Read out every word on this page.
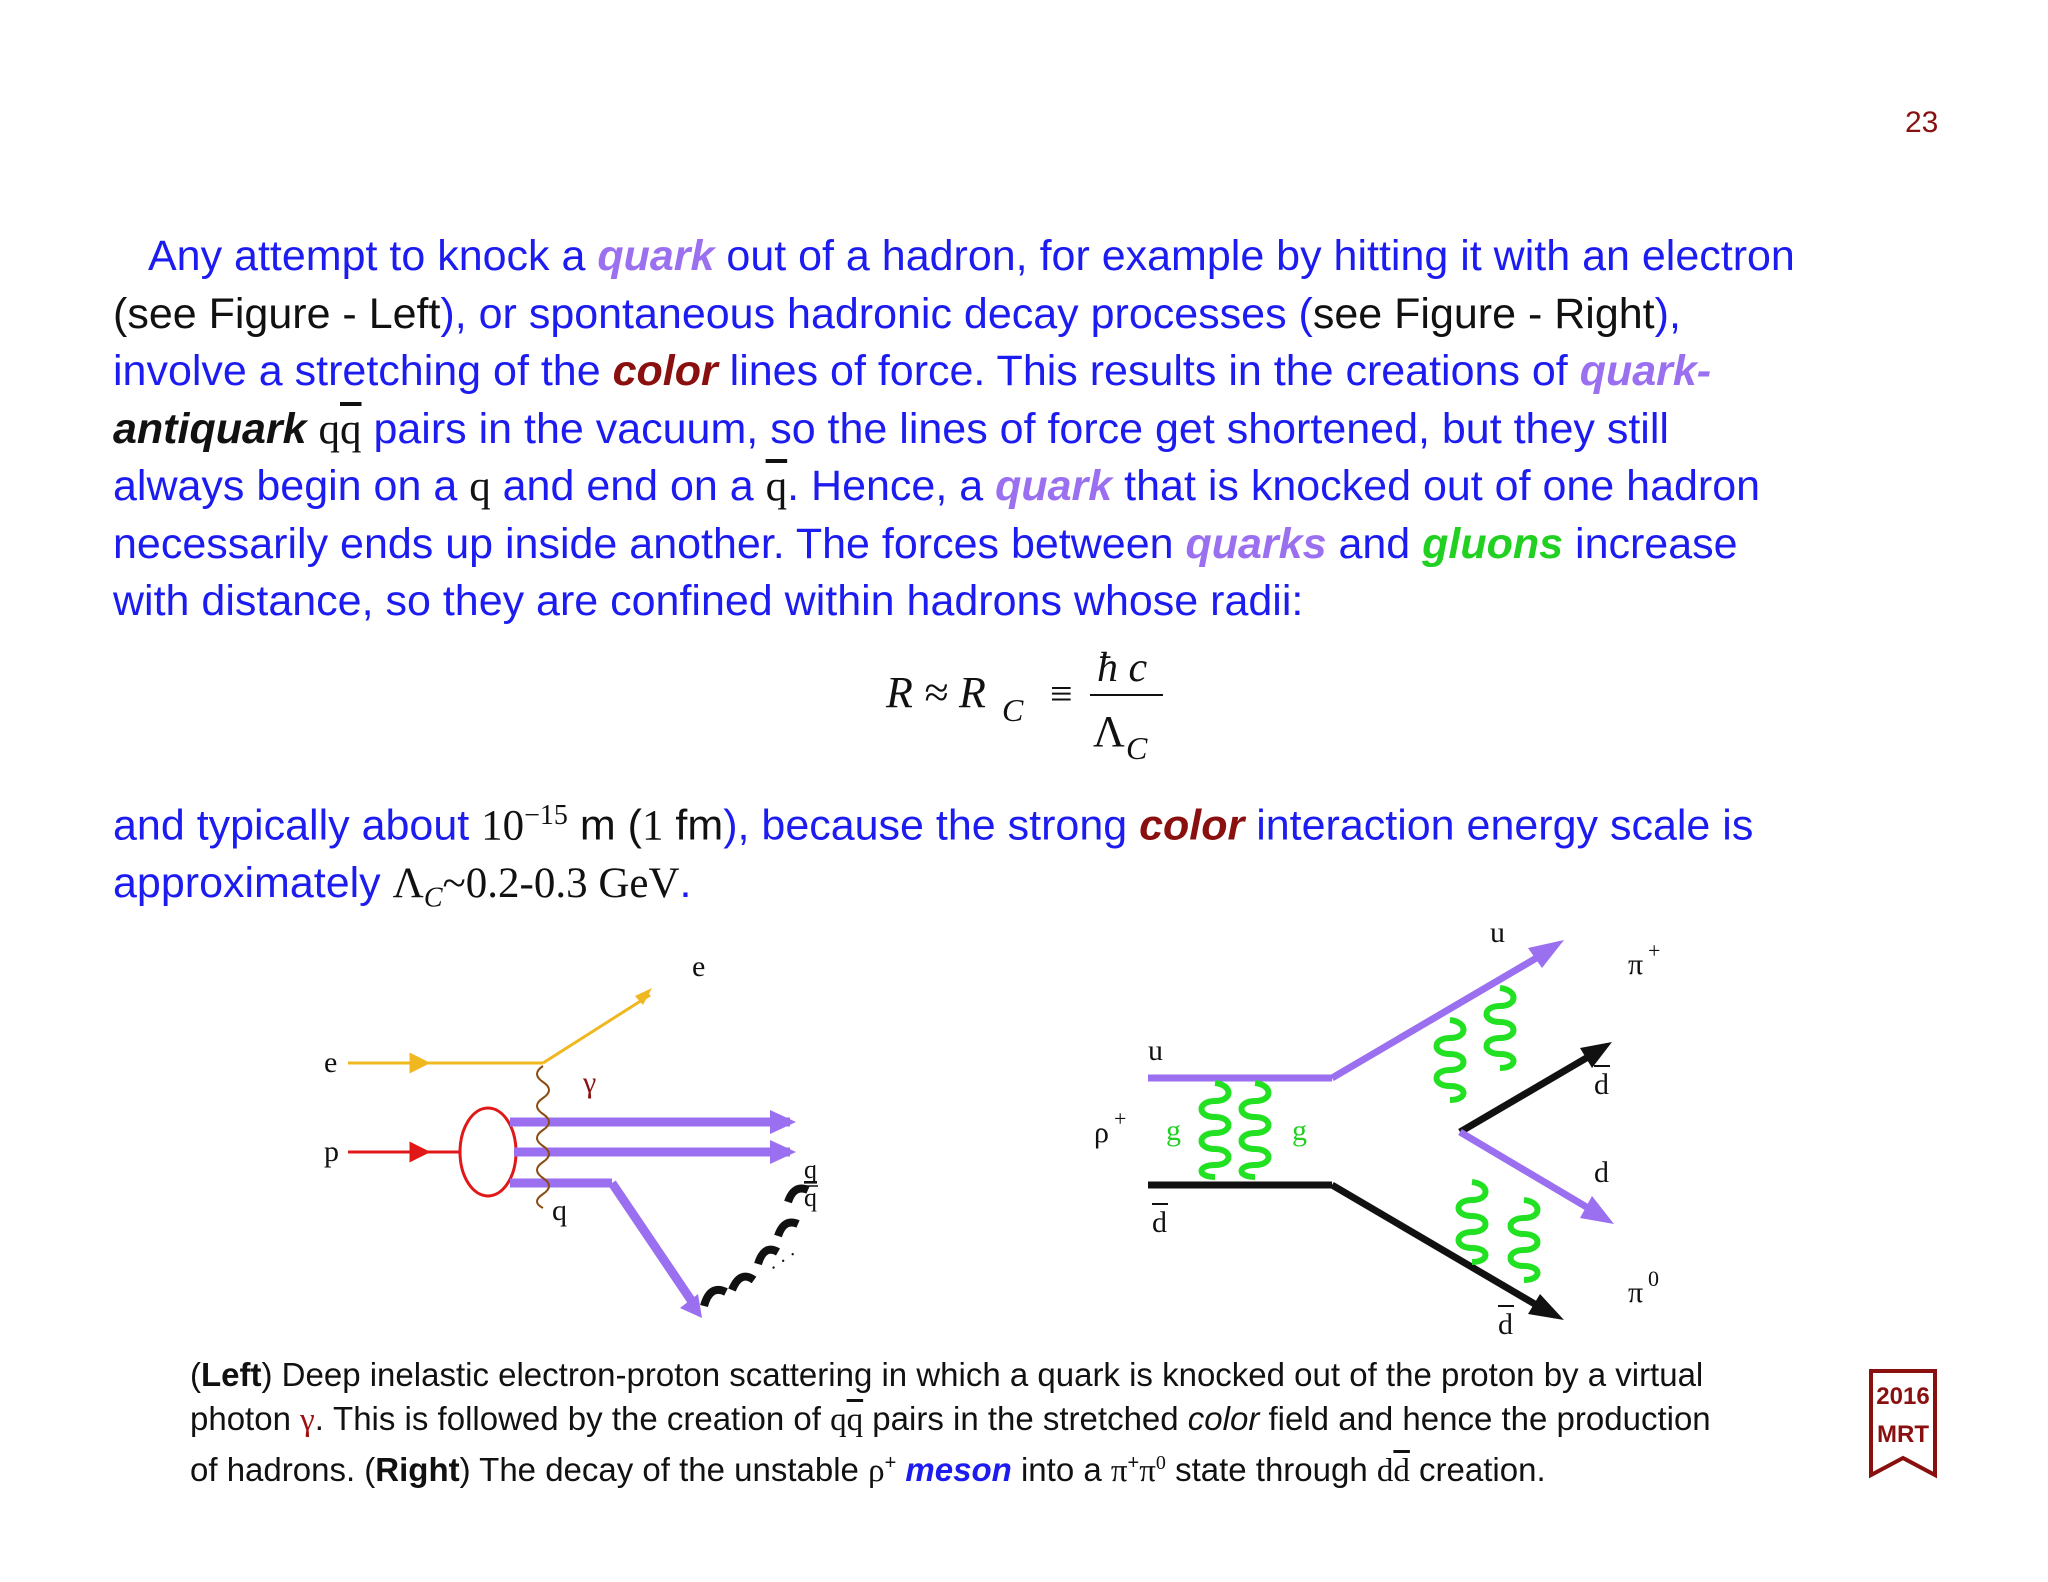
23
Any attempt to knock a quark out of a hadron, for example by hitting it with an electron
(see Figure - Left), or spontaneous hadronic decay processes (see Figure - Right),
involve a stretching of the color lines of force. This results in the creations of quark-
antiquark $q\overline{q}$ pairs in the vacuum, so the lines of force get shortened, but they still
always begin on a q and end on a $\overline{q}$. Hence, a quark that is knocked out of one hadron
necessarily ends up inside another. The forces between quarks and gluons increase
with distance, so they are confined within hadrons whose radii:
R ≈ R C ≡
ħ c
Λ C
and typically about $10^{-15}$ m (1 fm), because the strong color interaction energy scale is
approximately $\Lambda_C\sim 0.2-0.3$ GeV.
e
e
p
γ
q
q
q
· · ·
u
π +
u
ρ + g	g
d
d
d
π 0
d
(Left) Deep inelastic electron-proton scattering in which a quark is knocked out of the proton by a virtual
photon γ. This is followed by the creation of $q\overline{q}$ pairs in the stretched color field and hence the production
of hadrons. (Right) The decay of the unstable ρ+ meson into a $\pi^+\pi^0$ state through $d\overline{d}$ creation.
2016
MRT
